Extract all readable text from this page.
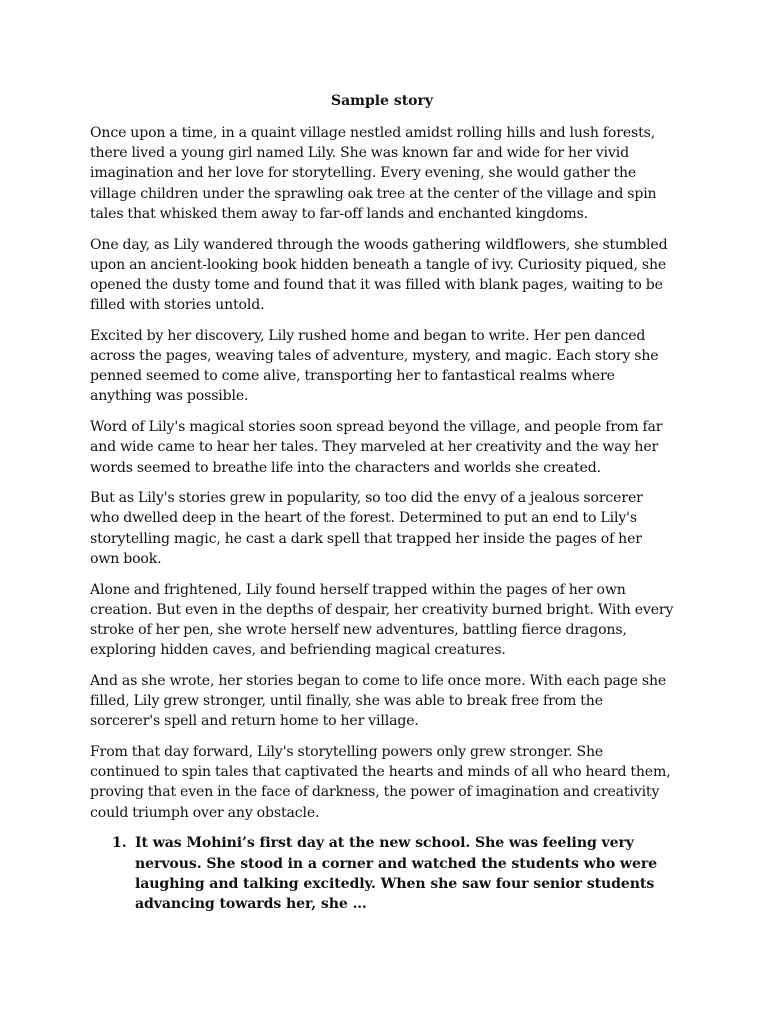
Sample story

Once upon a time, in a quaint village nestled amidst rolling hills and lush forests, there lived a young girl named Lily. She was known far and wide for her vivid imagination and her love for storytelling. Every evening, she would gather the village children under the sprawling oak tree at the center of the village and spin tales that whisked them away to far-off lands and enchanted kingdoms.

One day, as Lily wandered through the woods gathering wildflowers, she stumbled upon an ancient-looking book hidden beneath a tangle of ivy. Curiosity piqued, she opened the dusty tome and found that it was filled with blank pages, waiting to be filled with stories untold.

Excited by her discovery, Lily rushed home and began to write. Her pen danced across the pages, weaving tales of adventure, mystery, and magic. Each story she penned seemed to come alive, transporting her to fantastical realms where anything was possible.

Word of Lily's magical stories soon spread beyond the village, and people from far and wide came to hear her tales. They marveled at her creativity and the way her words seemed to breathe life into the characters and worlds she created.

But as Lily's stories grew in popularity, so too did the envy of a jealous sorcerer who dwelled deep in the heart of the forest. Determined to put an end to Lily's storytelling magic, he cast a dark spell that trapped her inside the pages of her own book.

Alone and frightened, Lily found herself trapped within the pages of her own creation. But even in the depths of despair, her creativity burned bright. With every stroke of her pen, she wrote herself new adventures, battling fierce dragons, exploring hidden caves, and befriending magical creatures.

And as she wrote, her stories began to come to life once more. With each page she filled, Lily grew stronger, until finally, she was able to break free from the sorcerer's spell and return home to her village.

From that day forward, Lily's storytelling powers only grew stronger. She continued to spin tales that captivated the hearts and minds of all who heard them, proving that even in the face of darkness, the power of imagination and creativity could triumph over any obstacle.

1. It was Mohini’s first day at the new school. She was feeling very nervous. She stood in a corner and watched the students who were laughing and talking excitedly. When she saw four senior students advancing towards her, she …
